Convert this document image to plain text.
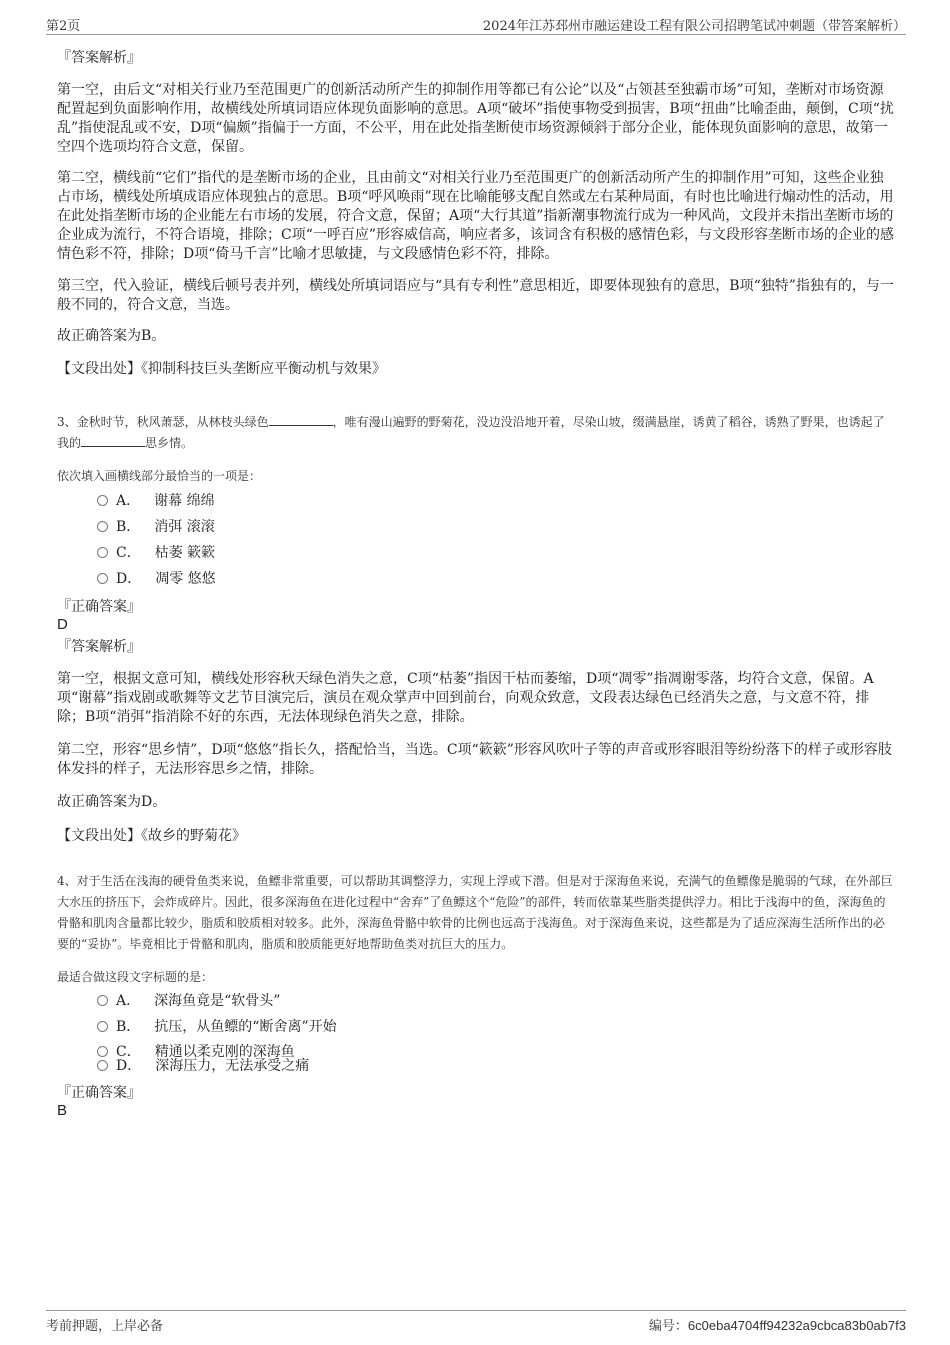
第2页	2024年江苏邳州市融运建设工程有限公司招聘笔试冲刺题（带答案解析）
『答案解析』

第一空，由后文“对相关行业乃至范围更广的创新活动所产生的抑制作用等都已有公论”以及“占领甚至独霸市场”可知，垄断对市场资源配置起到负面影响作用，故横线处所填词语应体现负面影响的意思。A项“破坏”指使事物受到损害，B项“扭曲”比喻歪曲，颠倒，C项“扰乱”指使混乱或不安，D项“偏颇”指偏于一方面，不公平，用在此处指垄断使市场资源倾斜于部分企业，能体现负面影响的意思，故第一空四个选项均符合文意，保留。

第二空，横线前“它们”指代的是垄断市场的企业，且由前文“对相关行业乃至范围更广的创新活动所产生的抑制作用”可知，这些企业独占市场，横线处所填成语应体现独占的意思。B项“呼风唤雨”现在比喻能够支配自然或左右某种局面，有时也比喻进行煽动性的活动，用在此处指垄断市场的企业能左右市场的发展，符合文意，保留；A项“大行其道”指新潮事物流行成为一种风尚，文段并未指出垄断市场的企业成为流行，不符合语境，排除；C项“一呼百应”形容威信高，响应者多，该词含有积极的感情色彩，与文段形容垄断市场的企业的感情色彩不符，排除；D项“倚马千言”比喻才思敏捷，与文段感情色彩不符，排除。

第三空，代入验证，横线后顿号表并列，横线处所填词语应与“具有专利性”意思相近，即要体现独有的意思，B项“独特”指独有的，与一般不同的，符合文意，当选。

故正确答案为B。

【文段出处】《抑制科技巨头垄断应平衡动机与效果》

3、金秋时节，秋风萧瑟，从林枝头绿色	，唯有漫山遍野的野菊花，没边没沿地开着，尽染山坡，缀满悬崖，诱黄了稻谷，诱熟了野果，也诱起了我的	思乡情。

依次填入画横线部分最恰当的一项是：

A． 谢幕 绵绵
B． 消弭 滚滚
C． 枯萎 簌簌
D． 凋零 悠悠
『正确答案』
D
『答案解析』

第一空，根据文意可知，横线处形容秋天绿色消失之意，C项“枯萎”指因干枯而萎缩，D项“凋零”指凋谢零落，均符合文意，保留。A项“谢幕”指戏剧或歌舞等文艺节目演完后，演员在观众掌声中回到前台，向观众致意，文段表达绿色已经消失之意，与文意不符，排除；B项“消弭”指消除不好的东西，无法体现绿色消失之意，排除。

第二空，形容“思乡情”，D项“悠悠”指长久，搭配恰当，当选。C项“簌簌”形容风吹叶子等的声音或形容眼泪等纷纷落下的样子或形容肢体发抖的样子，无法形容思乡之情，排除。

故正确答案为D。

【文段出处】《故乡的野菊花》

4、对于生活在浅海的硬骨鱼类来说，鱼鳔非常重要，可以帮助其调整浮力，实现上浮或下潜。但是对于深海鱼来说，充满气的鱼鳔像是脆弱的气球，在外部巨大水压的挤压下，会炸成碎片。因此，很多深海鱼在进化过程中“舍弃”了鱼鳔这个“危险”的部件，转而依靠某些脂类提供浮力。相比于浅海中的鱼，深海鱼的骨骼和肌肉含量都比较少，脂质和胶质相对较多。此外，深海鱼骨骼中软骨的比例也远高于浅海鱼。对于深海鱼来说，这些都是为了适应深海生活所作出的必要的“妥协”。毕竟相比于骨骼和肌肉，脂质和胶质能更好地帮助鱼类对抗巨大的压力。

最适合做这段文字标题的是：

A． 深海鱼竟是“软骨头”
B． 抗压，从鱼鳔的“断舍离”开始
C． 精通以柔克刚的深海鱼
D． 深海压力，无法承受之痛
『正确答案』
B
考前押题，上岸必备	编号：6c0eba4704ff94232a9cbca83b0ab7f3
